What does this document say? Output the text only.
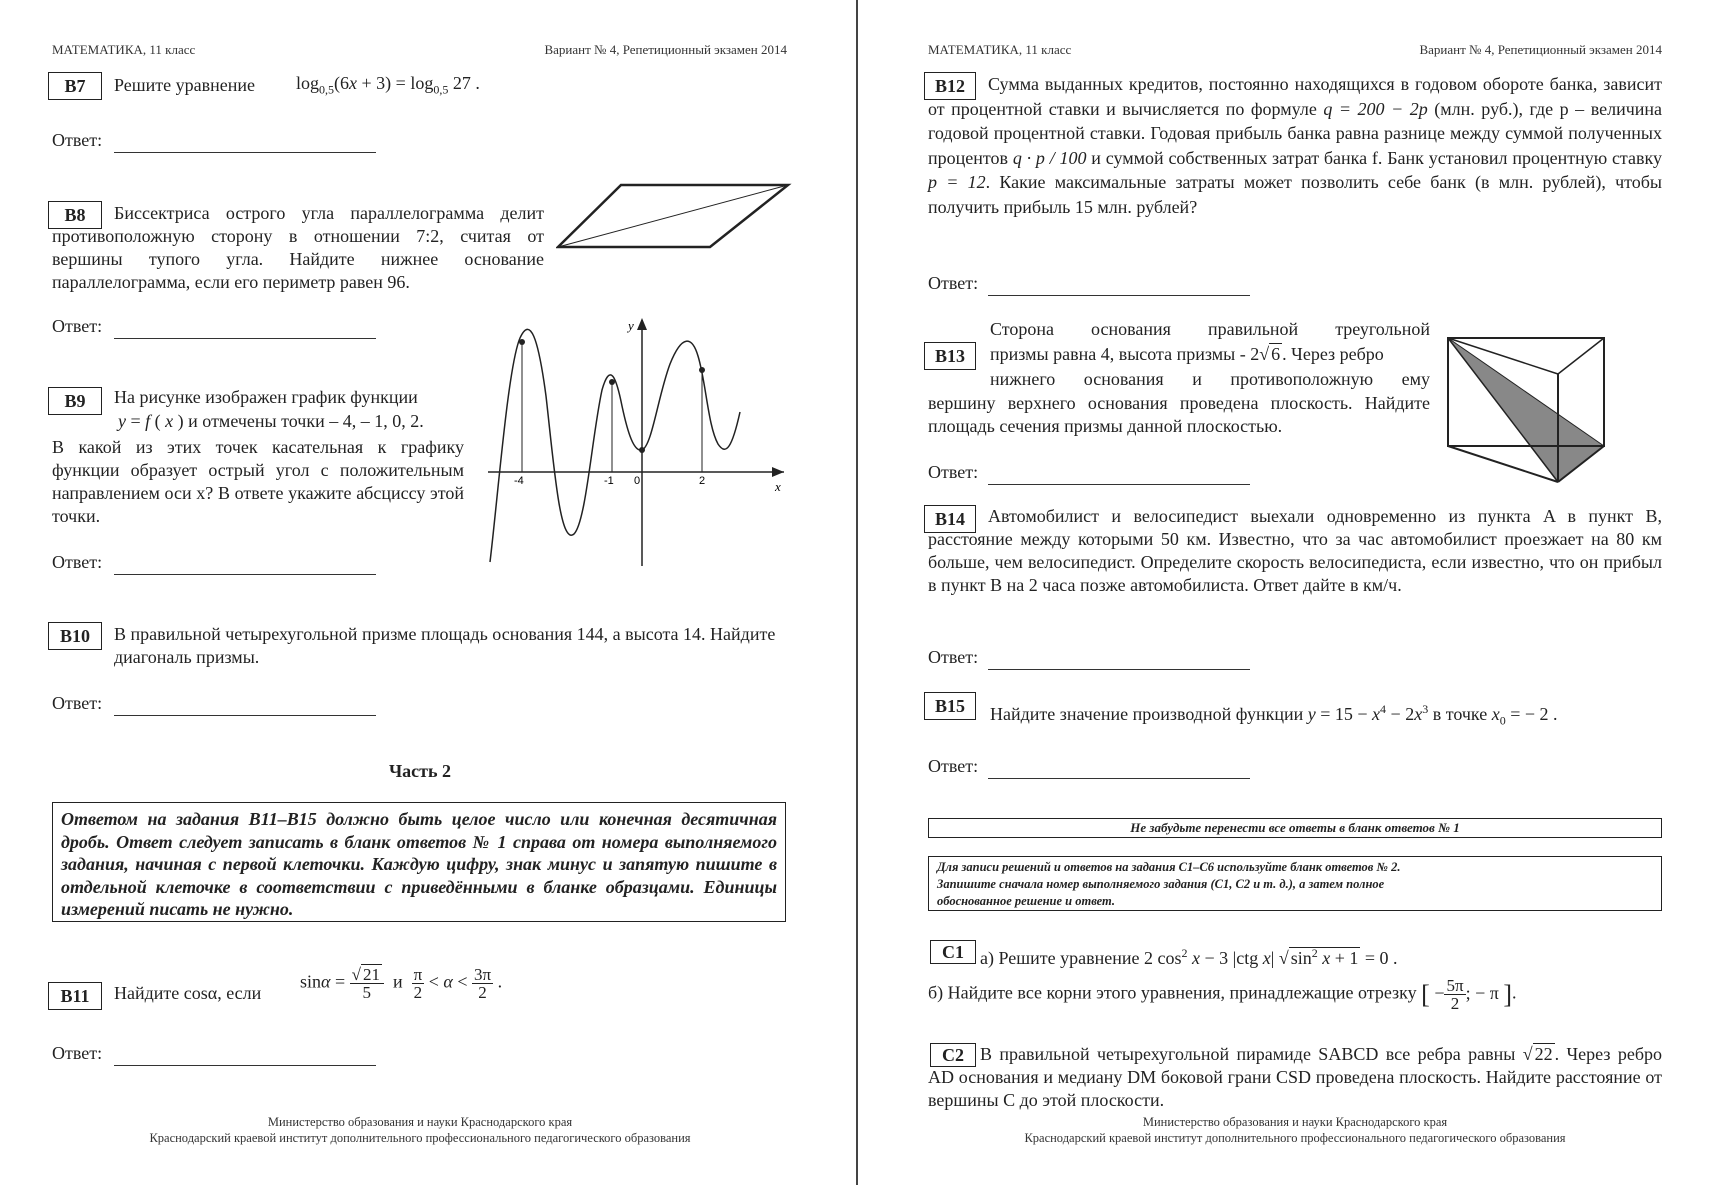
МАТЕМАТИКА, 11 класс	Вариант № 4, Репетиционный экзамен 2014
B7	Решите уравнение $\log_{0,5}(6x + 3) = \log_{0,5} 27$ .
Ответ:
B8	Биссектриса острого угла параллелограмма делит противоположную сторону в отношении 7:2, считая от вершины тупого угла. Найдите нижнее основание параллелограмма, если его периметр равен 96.
Ответ:
B9	На рисунке изображен график функции
y = f ( x ) и отмечены точки – 4, – 1, 0, 2.
В какой из этих точек касательная к графику функции образует острый угол с положительным направлением оси x? В ответе укажите абсциссу этой точки.
x
y
-4	-1 0	2
Ответ:
B10	В правильной четырехугольной призме площадь основания 144, а высота 14. Найдите диагональ призмы.
Ответ:
Часть 2
Ответом на задания B11–B15 должно быть целое число или конечная десятичная дробь. Ответ следует записать в бланк ответов № 1 справа от номера выполняемого задания, начиная с первой клеточки. Каждую цифру, знак минус и запятую пишите в отдельной клеточке в соответствии с приведёнными в бланке образцами. Единицы измерений писать не нужно.
B11	Найдите cosα, если
$\sin\alpha = \frac{√ 21}{5}$ и $\frac{\pi}{2} < \alpha < \frac{3\pi}{2}$ .
Ответ:
Министерство образования и науки Краснодарского края
Краснодарский краевой институт дополнительного профессионального педагогического образования
МАТЕМАТИКА, 11 класс	Вариант № 4, Репетиционный экзамен 2014
B12	Сумма выданных кредитов, постоянно находящихся в годовом обороте банка, зависит от процентной ставки и вычисляется по формуле q = 200 − 2p (млн. руб.), где p – величина годовой процентной ставки. Годовая прибыль банка равна разнице между суммой полученных процентов q · p / 100 и суммой собственных затрат банка f. Банк установил процентную ставку p = 12. Какие максимальные затраты может позволить себе банк (в млн. рублей), чтобы получить прибыль 15 млн. рублей?
Ответ:
B13
Сторона основания правильной треугольной
призмы равна 4, высота призмы - 2√ 6 . Через ребро
нижнего основания и противоположную ему
вершину верхнего основания проведена плоскость. Найдите площадь сечения призмы данной плоскостью.
Ответ:
B14	Автомобилист и велосипедист выехали одновременно из пункта A в пункт B, расстояние между которыми 50 км. Известно, что за час автомобилист проезжает на 80 км больше, чем велосипедист. Определите скорость велосипедиста, если известно, что он прибыл в пункт B на 2 часа позже автомобилиста. Ответ дайте в км/ч.
Ответ:
B15	Найдите значение производной функции $y = 15 - x^4 - 2x^3$ в точке $x_0$ = − 2 .
Ответ:
Не забудьте перенести все ответы в бланк ответов № 1
Для записи решений и ответов на задания С1–С6 используйте бланк ответов № 2.
Запишите сначала номер выполняемого задания (С1, С2 и т. д.), а затем полное
обоснованное решение и ответ.
С1 а) Решите уравнение 2 $\cos^2 x - 3$ |ctg x| √ $\sin^2 x + 1 = 0$ .
б) Найдите все корни этого уравнения, принадлежащие отрезку [ − $\frac{5\pi}{2}$ ; − π ].
С2 В правильной четырехугольной пирамиде SABCD все ребра равны √ 22 . Через ребро AD основания и медиану DM боковой грани CSD проведена плоскость. Найдите расстояние от вершины С до этой плоскости.
Министерство образования и науки Краснодарского края
Краснодарский краевой институт дополнительного профессионального педагогического образования
